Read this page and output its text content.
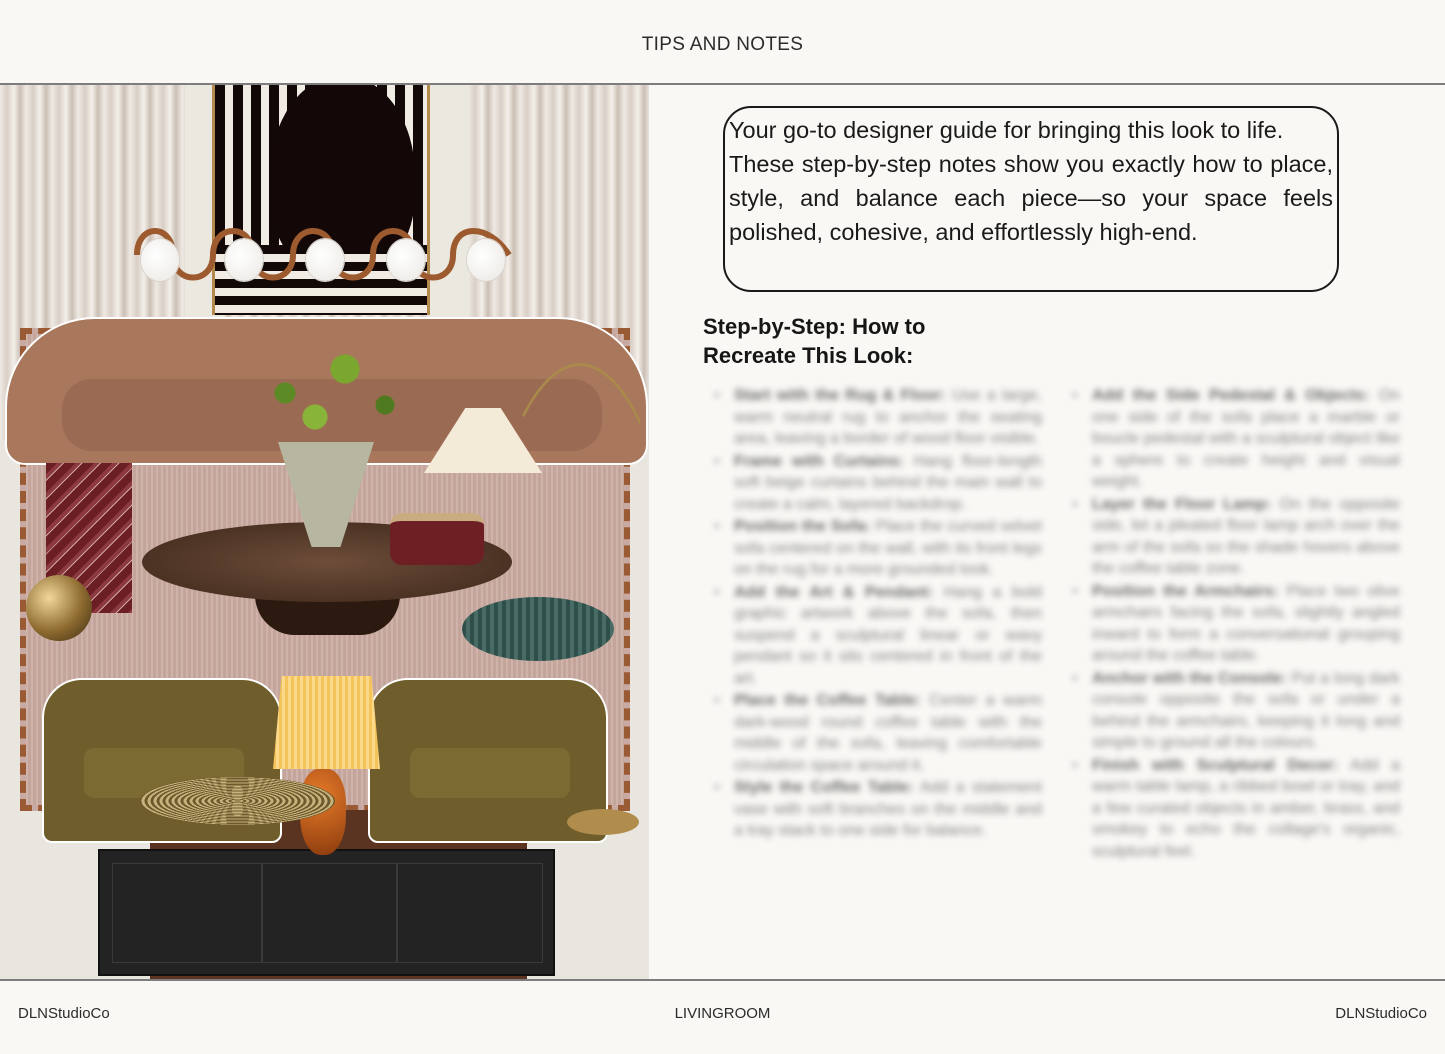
TIPS AND NOTES

Your go-to designer guide for bringing this look to life.

These step-by-step notes show you exactly how to place, style, and balance each piece—so your space feels polished, cohesive, and effortlessly high-end.

Step-by-Step: How to Recreate This Look:
• Start with the Rug & Floor: Use a large, warm neutral rug to anchor the seating area, leaving a border of wood floor visible.
• Frame with Curtains: Hang floor-length soft beige curtains behind the main wall to create a calm, layered backdrop.
• Position the Sofa: Place the curved velvet sofa centered on the wall, with its front legs on the rug for a more grounded look.
• Add the Art & Pendant: Hang a bold graphic artwork above the sofa, then suspend a sculptural linear or wavy pendant so it sits centered in front of the art.
• Place the Coffee Table: Center a warm dark-wood round coffee table with the middle of the sofa, leaving comfortable circulation space around it.
• Style the Coffee Table: Add a statement vase with soft branches on the middle and a tray stack to one side for balance.
• Add the Side Pedestal & Objects: On one side of the sofa place a marble or boucle pedestal with a sculptural object like a sphere to create height and visual weight.
• Layer the Floor Lamp: On the opposite side, let a pleated floor lamp arch over the arm of the sofa so the shade hovers above the coffee table zone.
• Position the Armchairs: Place two olive armchairs facing the sofa, slightly angled inward to form a conversational grouping around the coffee table.
• Anchor with the Console: Put a long dark console opposite the sofa or under a behind the armchairs, keeping it long and simple to ground all the colours.
• Finish with Sculptural Decor: Add a warm table lamp, a ribbed bowl or tray, and a few curated objects in amber, brass, and smokey to echo the collage's organic, sculptural feel.
LIVINGROOM
DLNStudioCo	DLNStudioCo
